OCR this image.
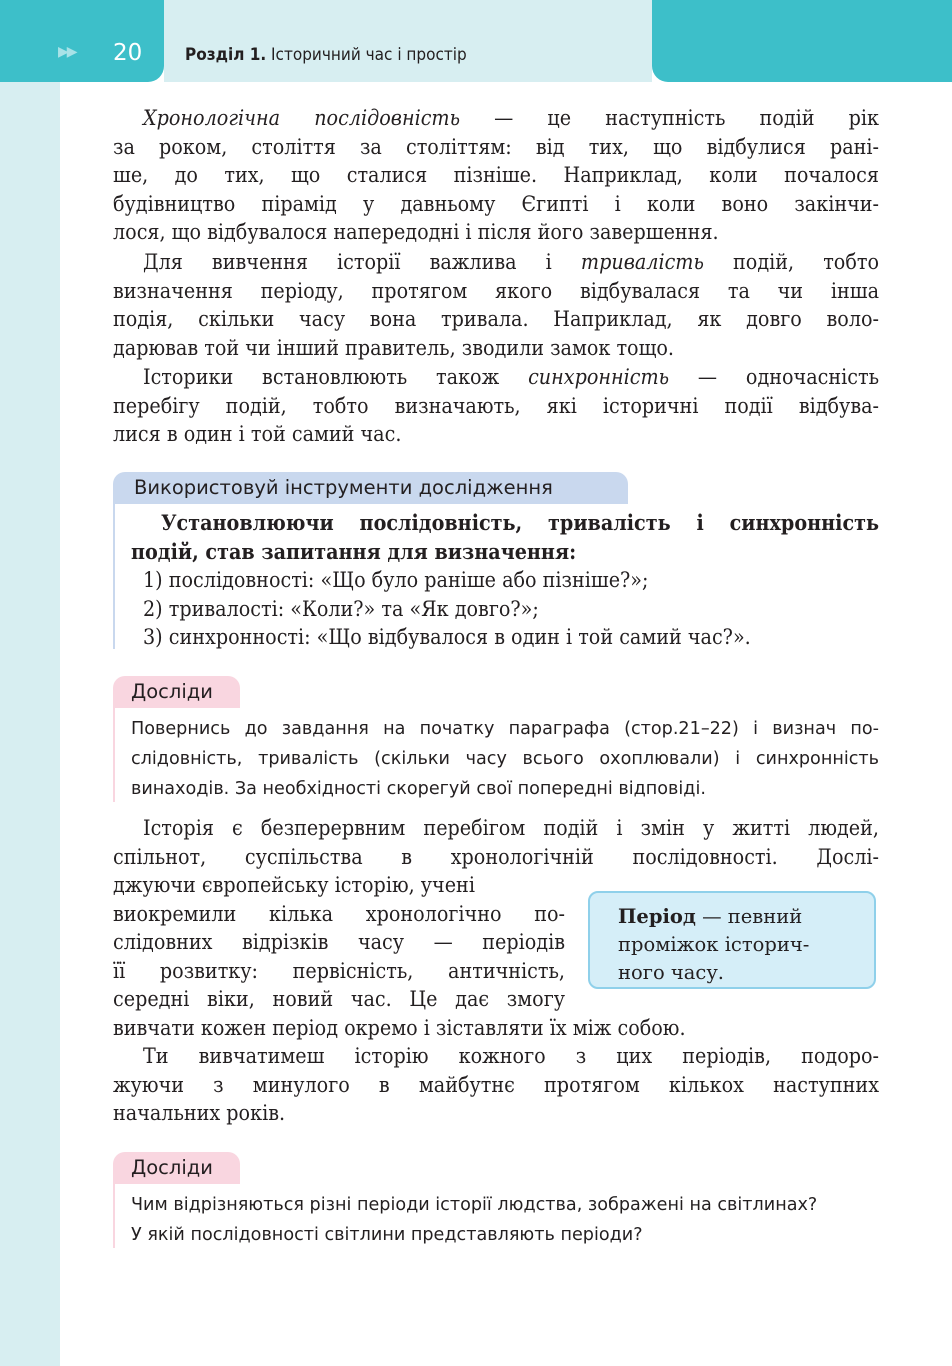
▶▶ 20	Розділ 1. Історичний час і простір
Хронологічна послідовність — це наступність подій рік
за роком, століття за століттям: від тих, що відбулися рані-
ше, до тих, що сталися пізніше. Наприклад, коли почалося
будівництво пірамід у давньому Єгипті і коли воно закінчи-
лося, що відбувалося напередодні і після його завершення.
Для вивчення історії важлива і тривалість подій, тобто
визначення періоду, протягом якого відбувалася та чи інша
подія, скільки часу вона тривала. Наприклад, як довго воло-
дарював той чи інший правитель, зводили замок тощо.
Історики встановлюють також синхронність — одночасність
перебігу подій, тобто визначають, які історичні події відбува-
лися в один і той самий час.
Використовуй інструменти дослідження
Установлюючи послідовність, тривалість і синхронність
подій, став запитання для визначення:
1) послідовності: «Що було раніше або пізніше?»;
2) тривалості: «Коли?» та «Як довго?»;
3) синхронності: «Що відбувалося в один і той самий час?».
Досліди
Повернись до завдання на початку параграфа (стор.21–22) і визнач по-
слідовність, тривалість (скільки часу всього охоплювали) і синхронність
винаходів. За необхідності скорегуй свої попередні відповіді.
Історія є безперервним перебігом подій і змін у житті людей,
спільнот, суспільства в хронологічній послідовності. Дослі-
джуючи європейську історію, учені
виокремили кілька хронологічно по-
слідовних відрізків часу — періодів
її розвитку: первісність, античність,
середні віки, новий час. Це дає змогу
вивчати кожен період окремо і зіставляти їх між собою.

Період — певний
проміжок історич-
ного часу.

Ти вивчатимеш історію кожного з цих періодів, подоро-
жуючи з минулого в майбутнє протягом кількох наступних
начальних років.
Досліди
Чим відрізняються різні періоди історії людства, зображені на світлинах?
У якій послідовності світлини представляють періоди?
